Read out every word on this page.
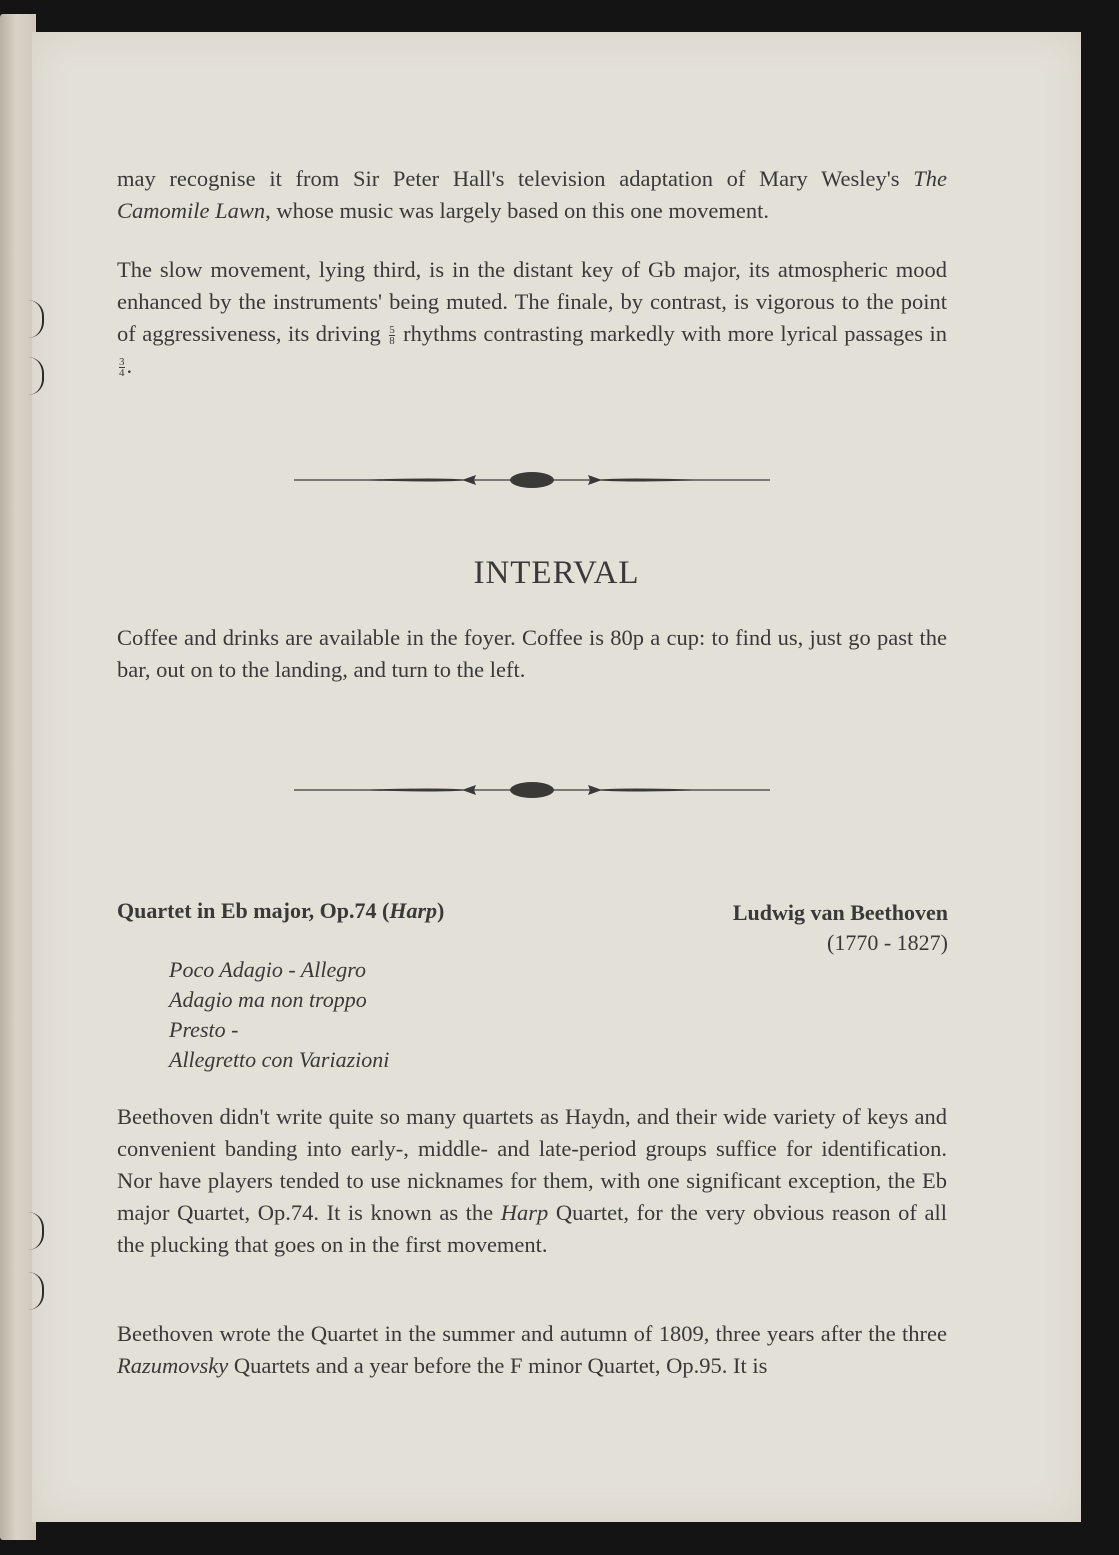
may recognise it from Sir Peter Hall's television adaptation of Mary Wesley's The Camomile Lawn, whose music was largely based on this one movement.

The slow movement, lying third, is in the distant key of Gb major, its atmospheric mood enhanced by the instruments' being muted. The finale, by contrast, is vigorous to the point of aggressiveness, its driving $\frac{5}{8}$ rhythms contrasting markedly with more lyrical passages in
$\frac{3}{4}$ .

INTERVAL

Coffee and drinks are available in the foyer. Coffee is 80p a cup: to find us, just go past the bar, out on to the landing, and turn to the left.

Quartet in Eb major, Op.74 (Harp)	Ludwig van Beethoven
(1770 - 1827)
Poco Adagio - Allegro
Adagio ma non troppo
Presto -
Allegretto con Variazioni

Beethoven didn't write quite so many quartets as Haydn, and their wide variety of keys and convenient banding into early-, middle- and late-period groups suffice for identification. Nor have players tended to use nicknames for them, with one significant exception, the Eb major Quartet, Op.74. It is known as the Harp Quartet, for the very obvious reason of all the plucking that goes on in the first movement.

Beethoven wrote the Quartet in the summer and autumn of 1809, three years after the three Razumovsky Quartets and a year before the F minor Quartet, Op.95. It is
